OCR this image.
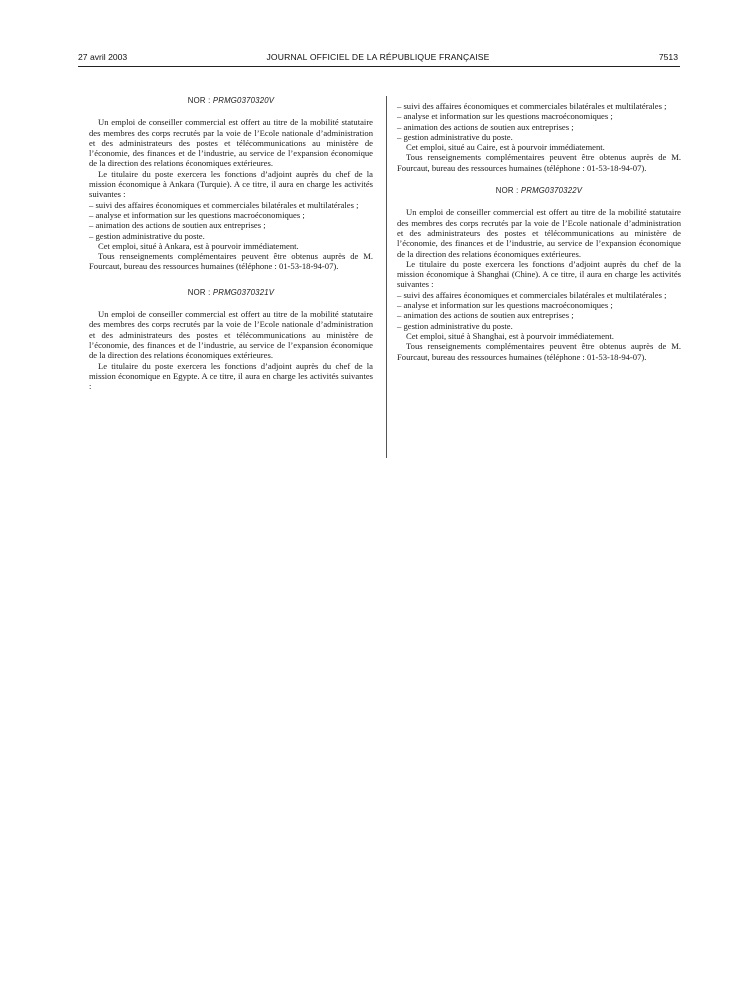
27 avril 2003	JOURNAL OFFICIEL DE LA RÉPUBLIQUE FRANÇAISE	7513
NOR : PRMG0370320V

Un emploi de conseiller commercial est offert au titre de la mobilité statutaire des membres des corps recrutés par la voie de l’Ecole nationale d’administration et des administrateurs des postes et télécommunications au ministère de l’économie, des finances et de l’industrie, au service de l’expansion économique de la direction des relations économiques extérieures.

Le titulaire du poste exercera les fonctions d’adjoint auprès du chef de la mission économique à Ankara (Turquie). A ce titre, il aura en charge les activités suivantes :

– suivi des affaires économiques et commerciales bilatérales et multilatérales ;
– analyse et information sur les questions macroéconomiques ;
– animation des actions de soutien aux entreprises ;
– gestion administrative du poste.

Cet emploi, situé à Ankara, est à pourvoir immédiatement.

Tous renseignements complémentaires peuvent être obtenus auprès de M. Fourcaut, bureau des ressources humaines (téléphone : 01-53-18-94-07).

NOR : PRMG0370321V

Un emploi de conseiller commercial est offert au titre de la mobilité statutaire des membres des corps recrutés par la voie de l’Ecole nationale d’administration et des administrateurs des postes et télécommunications au ministère de l’économie, des finances et de l’industrie, au service de l’expansion économique de la direction des relations économiques extérieures.

Le titulaire du poste exercera les fonctions d’adjoint auprès du chef de la mission économique en Egypte. A ce titre, il aura en charge les activités suivantes :

– suivi des affaires économiques et commerciales bilatérales et multilatérales ;
– analyse et information sur les questions macroéconomiques ;
– animation des actions de soutien aux entreprises ;
– gestion administrative du poste.

Cet emploi, situé au Caire, est à pourvoir immédiatement.

Tous renseignements complémentaires peuvent être obtenus auprès de M. Fourcaut, bureau des ressources humaines (téléphone : 01-53-18-94-07).

NOR : PRMG0370322V

Un emploi de conseiller commercial est offert au titre de la mobilité statutaire des membres des corps recrutés par la voie de l’Ecole nationale d’administration et des administrateurs des postes et télécommunications au ministère de l’économie, des finances et de l’industrie, au service de l’expansion économique de la direction des relations économiques extérieures.

Le titulaire du poste exercera les fonctions d’adjoint auprès du chef de la mission économique à Shanghai (Chine). A ce titre, il aura en charge les activités suivantes :

– suivi des affaires économiques et commerciales bilatérales et multilatérales ;
– analyse et information sur les questions macroéconomiques ;
– animation des actions de soutien aux entreprises ;
– gestion administrative du poste.

Cet emploi, situé à Shanghai, est à pourvoir immédiatement.

Tous renseignements complémentaires peuvent être obtenus auprès de M. Fourcaut, bureau des ressources humaines (téléphone : 01-53-18-94-07).
